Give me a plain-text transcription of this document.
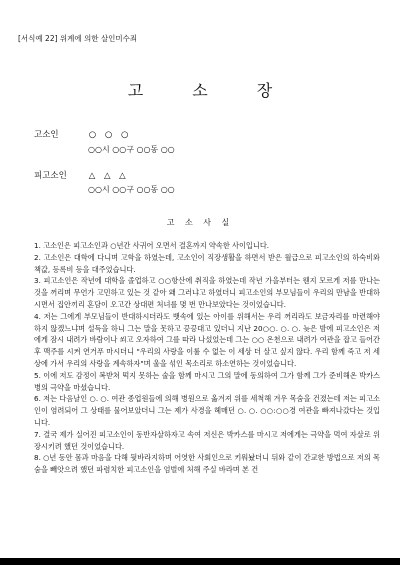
[서식예 22] 위계에 의한 살인미수죄
고 소 장
고소인	○ ○ ○
○○시 ○○구 ○○동 ○○
피고소인	△ △ △
○○시 ○○구 ○○동 ○○
고 소 사 실
1. 고소인은 피고소인과 ○년간 사귀어 오면서 결혼까지 약속한 사이입니다.
2. 고소인은 대학에 다니며 고학을 하였는데, 고소인이 직장생활을 하면서 받은 월급으로 피고소인의 하숙비와 책값, 등록비 등을 대주었습니다.
3. 피고소인은 작년에 대학을 졸업하고 ○○항산에 취직을 하였는데 작년 가을부터는 웬지 모르게 저를 만나는 것을 꺼리며 무언가 고민하고 있는 것 같아 왜 그러냐고 하였더니 피고소인의 부모님들이 우리의 만남을 반대하시면서 집안끼리 혼담이 오고간 상대편 처녀를 몇 번 만나보았다는 것이었습니다.
4. 저는 그에게 부모님들이 반대하시더라도 뱃속에 있는 아이를 위해서는 우리 꺼리라도 보금자리를 마련해야 하지 않겠느냐며 설득을 하니 그는 말을 못하고 끙끙대고 있더니 지난 20○○. ○. ○. 늦은 밤에 피고소인은 저에게 잠시 내려가 바람이나 쐬고 오자하여 그를 따라 나섰었는데 그는 ○○ 온천으로 내려가 여관을 잡고 들어간 후 맥주를 시켜 연거푸 마시더니 "우리의 사랑을 이룰 수 없는 이 세상 더 살고 싶지 않다. 우리 함께 죽고 저 세상에 가서 우리의 사랑을 계속하자"며 울을 섞인 목소리로 하소연하는 것이었습니다.
5. 이에 저도 감정이 복받쳐 떡지 못하는 술을 함께 마시고 그의 말에 동의하여 그가 함께 그가 준비해온 박카스 병의 극약을 마셨습니다.
6. 저는 다음날인 ○. ○. 여관 종업원들에 의해 병원으로 옮겨져 위를 세척해 겨우 목숨을 건졌는데 저는 피고소인이 염려되어 그 상태를 물어보았더니 그는 제가 사경을 헤매던 ○. ○. ○○:○○경 여관을 빠져나갔다는 것입니다.
7. 결국 제가 실어진 피고소인이 동반자살하자고 속여 저신은 박카스를 마시고 저에게는 극약을 먹여 자살로 위장시키려 했던 것이었습니다.
8. ○년 동안 몸과 마음을 다해 뒷바라지하며 어엿한 사회인으로 키워놨더니 뒤와 같이 간교한 방법으로 저의 목숨을 빼앗으려 했던 파렴치한 피고소인을 엄벌에 처해 주실 바라며 본 건
